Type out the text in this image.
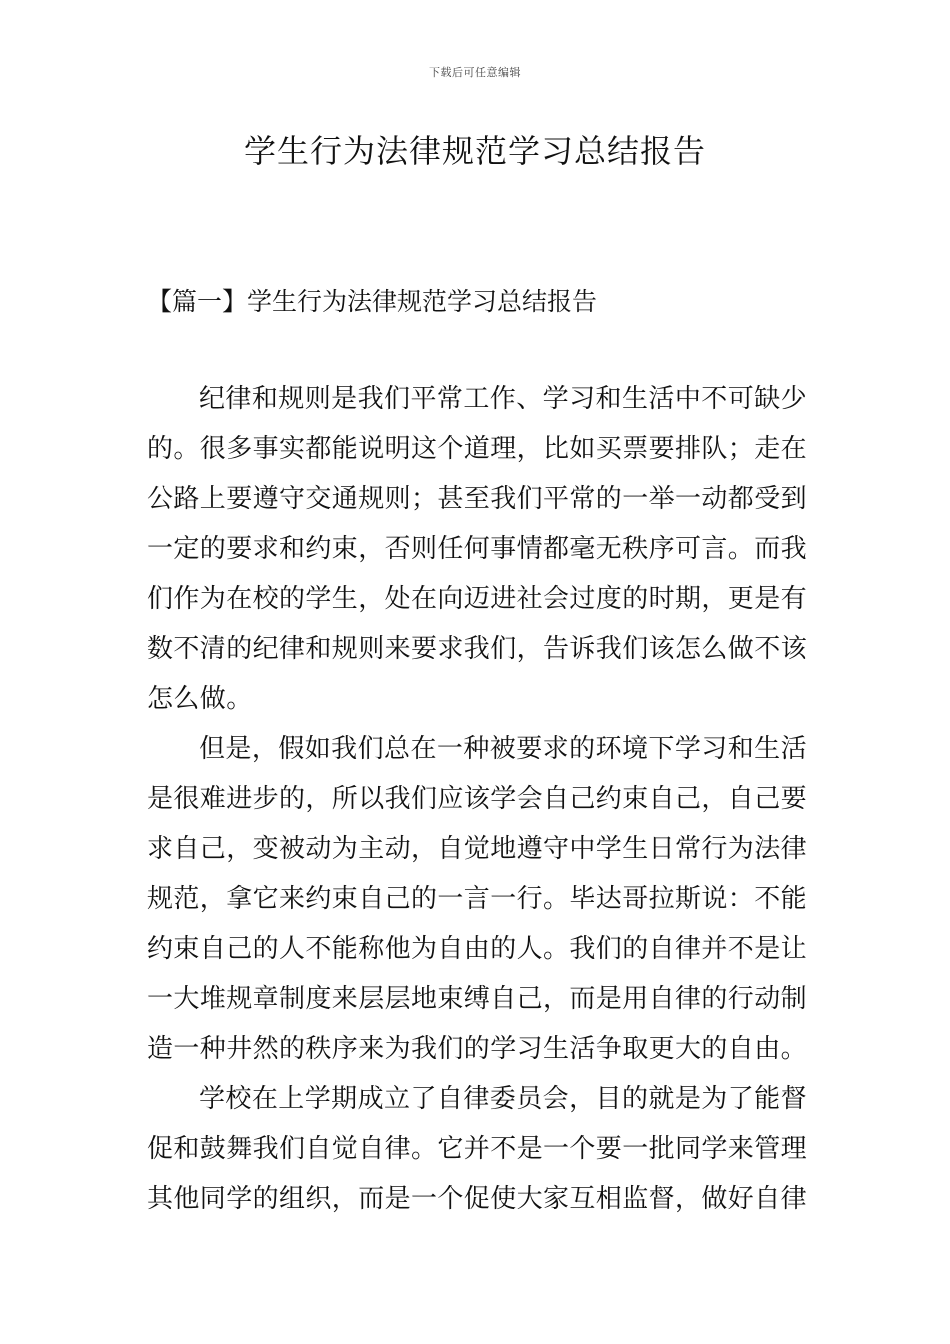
下载后可任意编辑
学生行为法律规范学习总结报告
【篇一】学生行为法律规范学习总结报告

纪律和规则是我们平常工作、学习和生活中不可缺少的。很多事实都能说明这个道理，比如买票要排队；走在公路上要遵守交通规则；甚至我们平常的一举一动都受到一定的要求和约束，否则任何事情都毫无秩序可言。而我们作为在校的学生，处在向迈进社会过度的时期，更是有数不清的纪律和规则来要求我们，告诉我们该怎么做不该怎么做。

但是，假如我们总在一种被要求的环境下学习和生活是很难进步的，所以我们应该学会自己约束自己，自己要求自己，变被动为主动，自觉地遵守中学生日常行为法律规范，拿它来约束自己的一言一行。毕达哥拉斯说：不能约束自己的人不能称他为自由的人。我们的自律并不是让一大堆规章制度来层层地束缚自己，而是用自律的行动制造一种井然的秩序来为我们的学习生活争取更大的自由。

学校在上学期成立了自律委员会，目的就是为了能督促和鼓舞我们自觉自律。它并不是一个要一批同学来管理其他同学的组织，而是一个促使大家互相监督，做好自律
